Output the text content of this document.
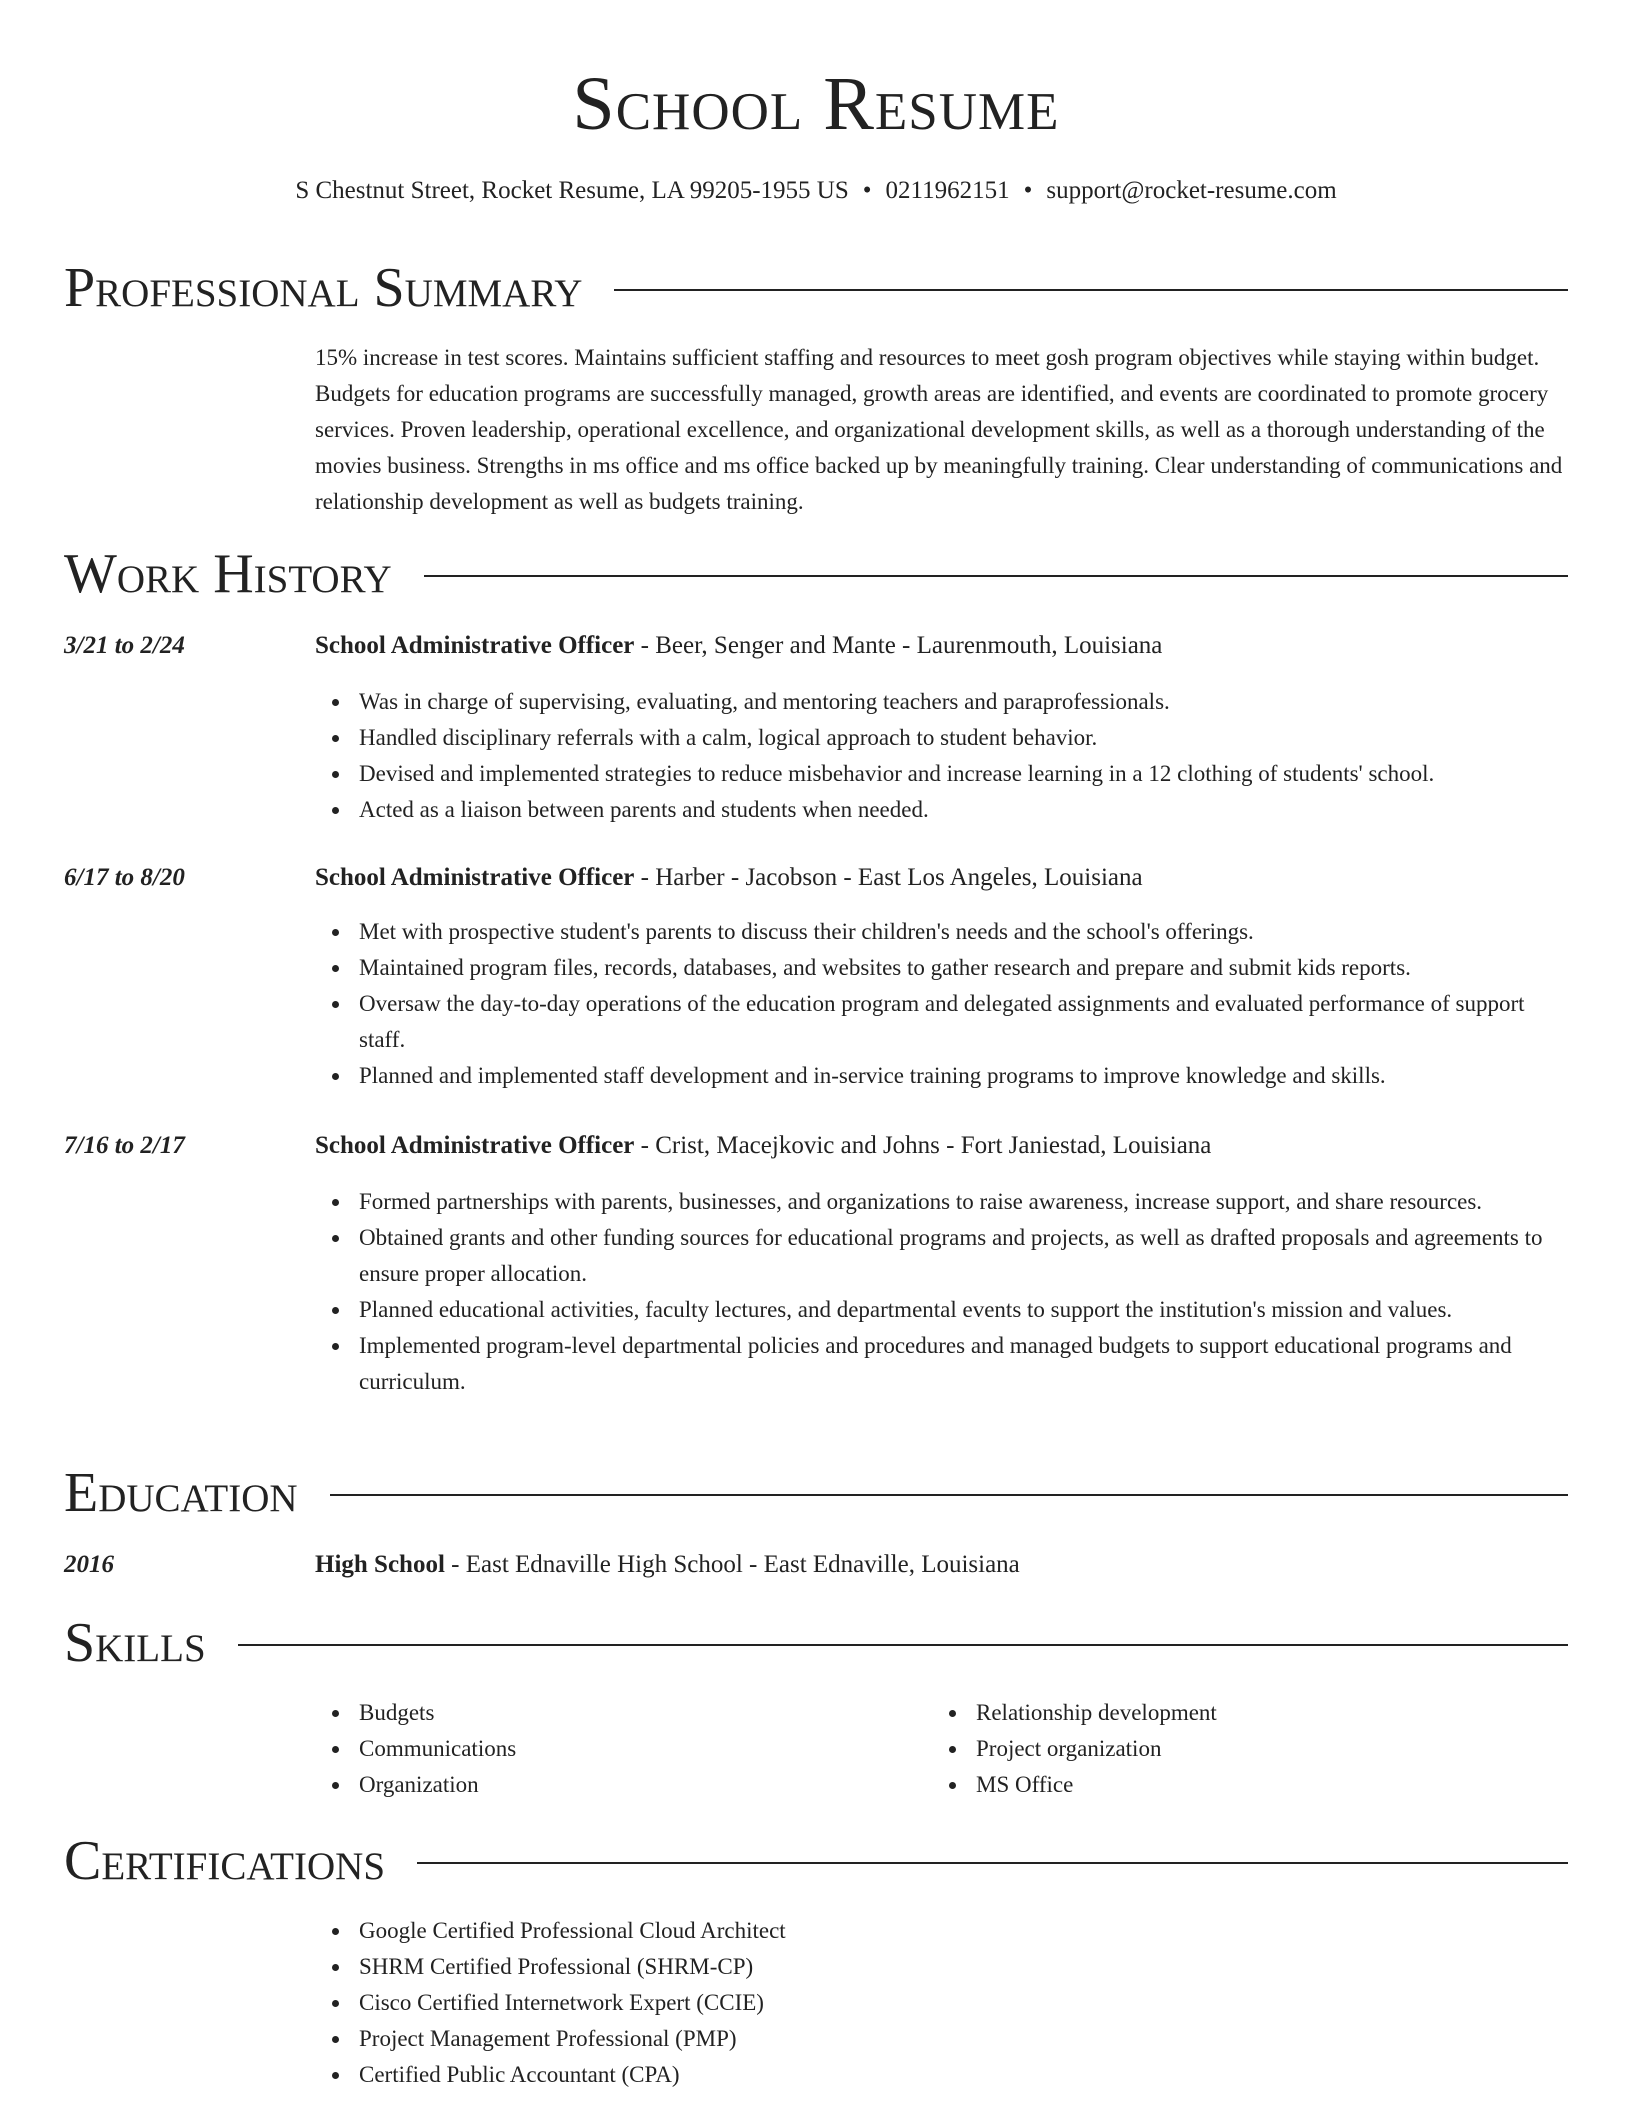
School Resume
S Chestnut Street, Rocket Resume, LA 99205-1955 US • 0211962151 • support@rocket-resume.com
Professional Summary

15% increase in test scores. Maintains sufficient staffing and resources to meet gosh program objectives while staying within budget. Budgets for education programs are successfully managed, growth areas are identified, and events are coordinated to promote grocery services. Proven leadership, operational excellence, and organizational development skills, as well as a thorough understanding of the movies business. Strengths in ms office and ms office backed up by meaningfully training. Clear understanding of communications and relationship development as well as budgets training.

Work History
3/21 to 2/24	School Administrative Officer - Beer, Senger and Mante - Laurenmouth, Louisiana
Was in charge of supervising, evaluating, and mentoring teachers and paraprofessionals.
Handled disciplinary referrals with a calm, logical approach to student behavior.
Devised and implemented strategies to reduce misbehavior and increase learning in a 12 clothing of students' school.
Acted as a liaison between parents and students when needed.
6/17 to 8/20	School Administrative Officer - Harber - Jacobson - East Los Angeles, Louisiana
Met with prospective student's parents to discuss their children's needs and the school's offerings.
Maintained program files, records, databases, and websites to gather research and prepare and submit kids reports.
Oversaw the day-to-day operations of the education program and delegated assignments and evaluated performance of support staff.
Planned and implemented staff development and in-service training programs to improve knowledge and skills.
7/16 to 2/17	School Administrative Officer - Crist, Macejkovic and Johns - Fort Janiestad, Louisiana
Formed partnerships with parents, businesses, and organizations to raise awareness, increase support, and share resources.
Obtained grants and other funding sources for educational programs and projects, as well as drafted proposals and agreements to ensure proper allocation.
Planned educational activities, faculty lectures, and departmental events to support the institution's mission and values.
Implemented program-level departmental policies and procedures and managed budgets to support educational programs and curriculum.
Education
2016	High School - East Ednaville High School - East Ednaville, Louisiana
Skills
Budgets
Communications
Organization
Relationship development
Project organization
MS Office
Certifications
Google Certified Professional Cloud Architect
SHRM Certified Professional (SHRM-CP)
Cisco Certified Internetwork Expert (CCIE)
Project Management Professional (PMP)
Certified Public Accountant (CPA)
